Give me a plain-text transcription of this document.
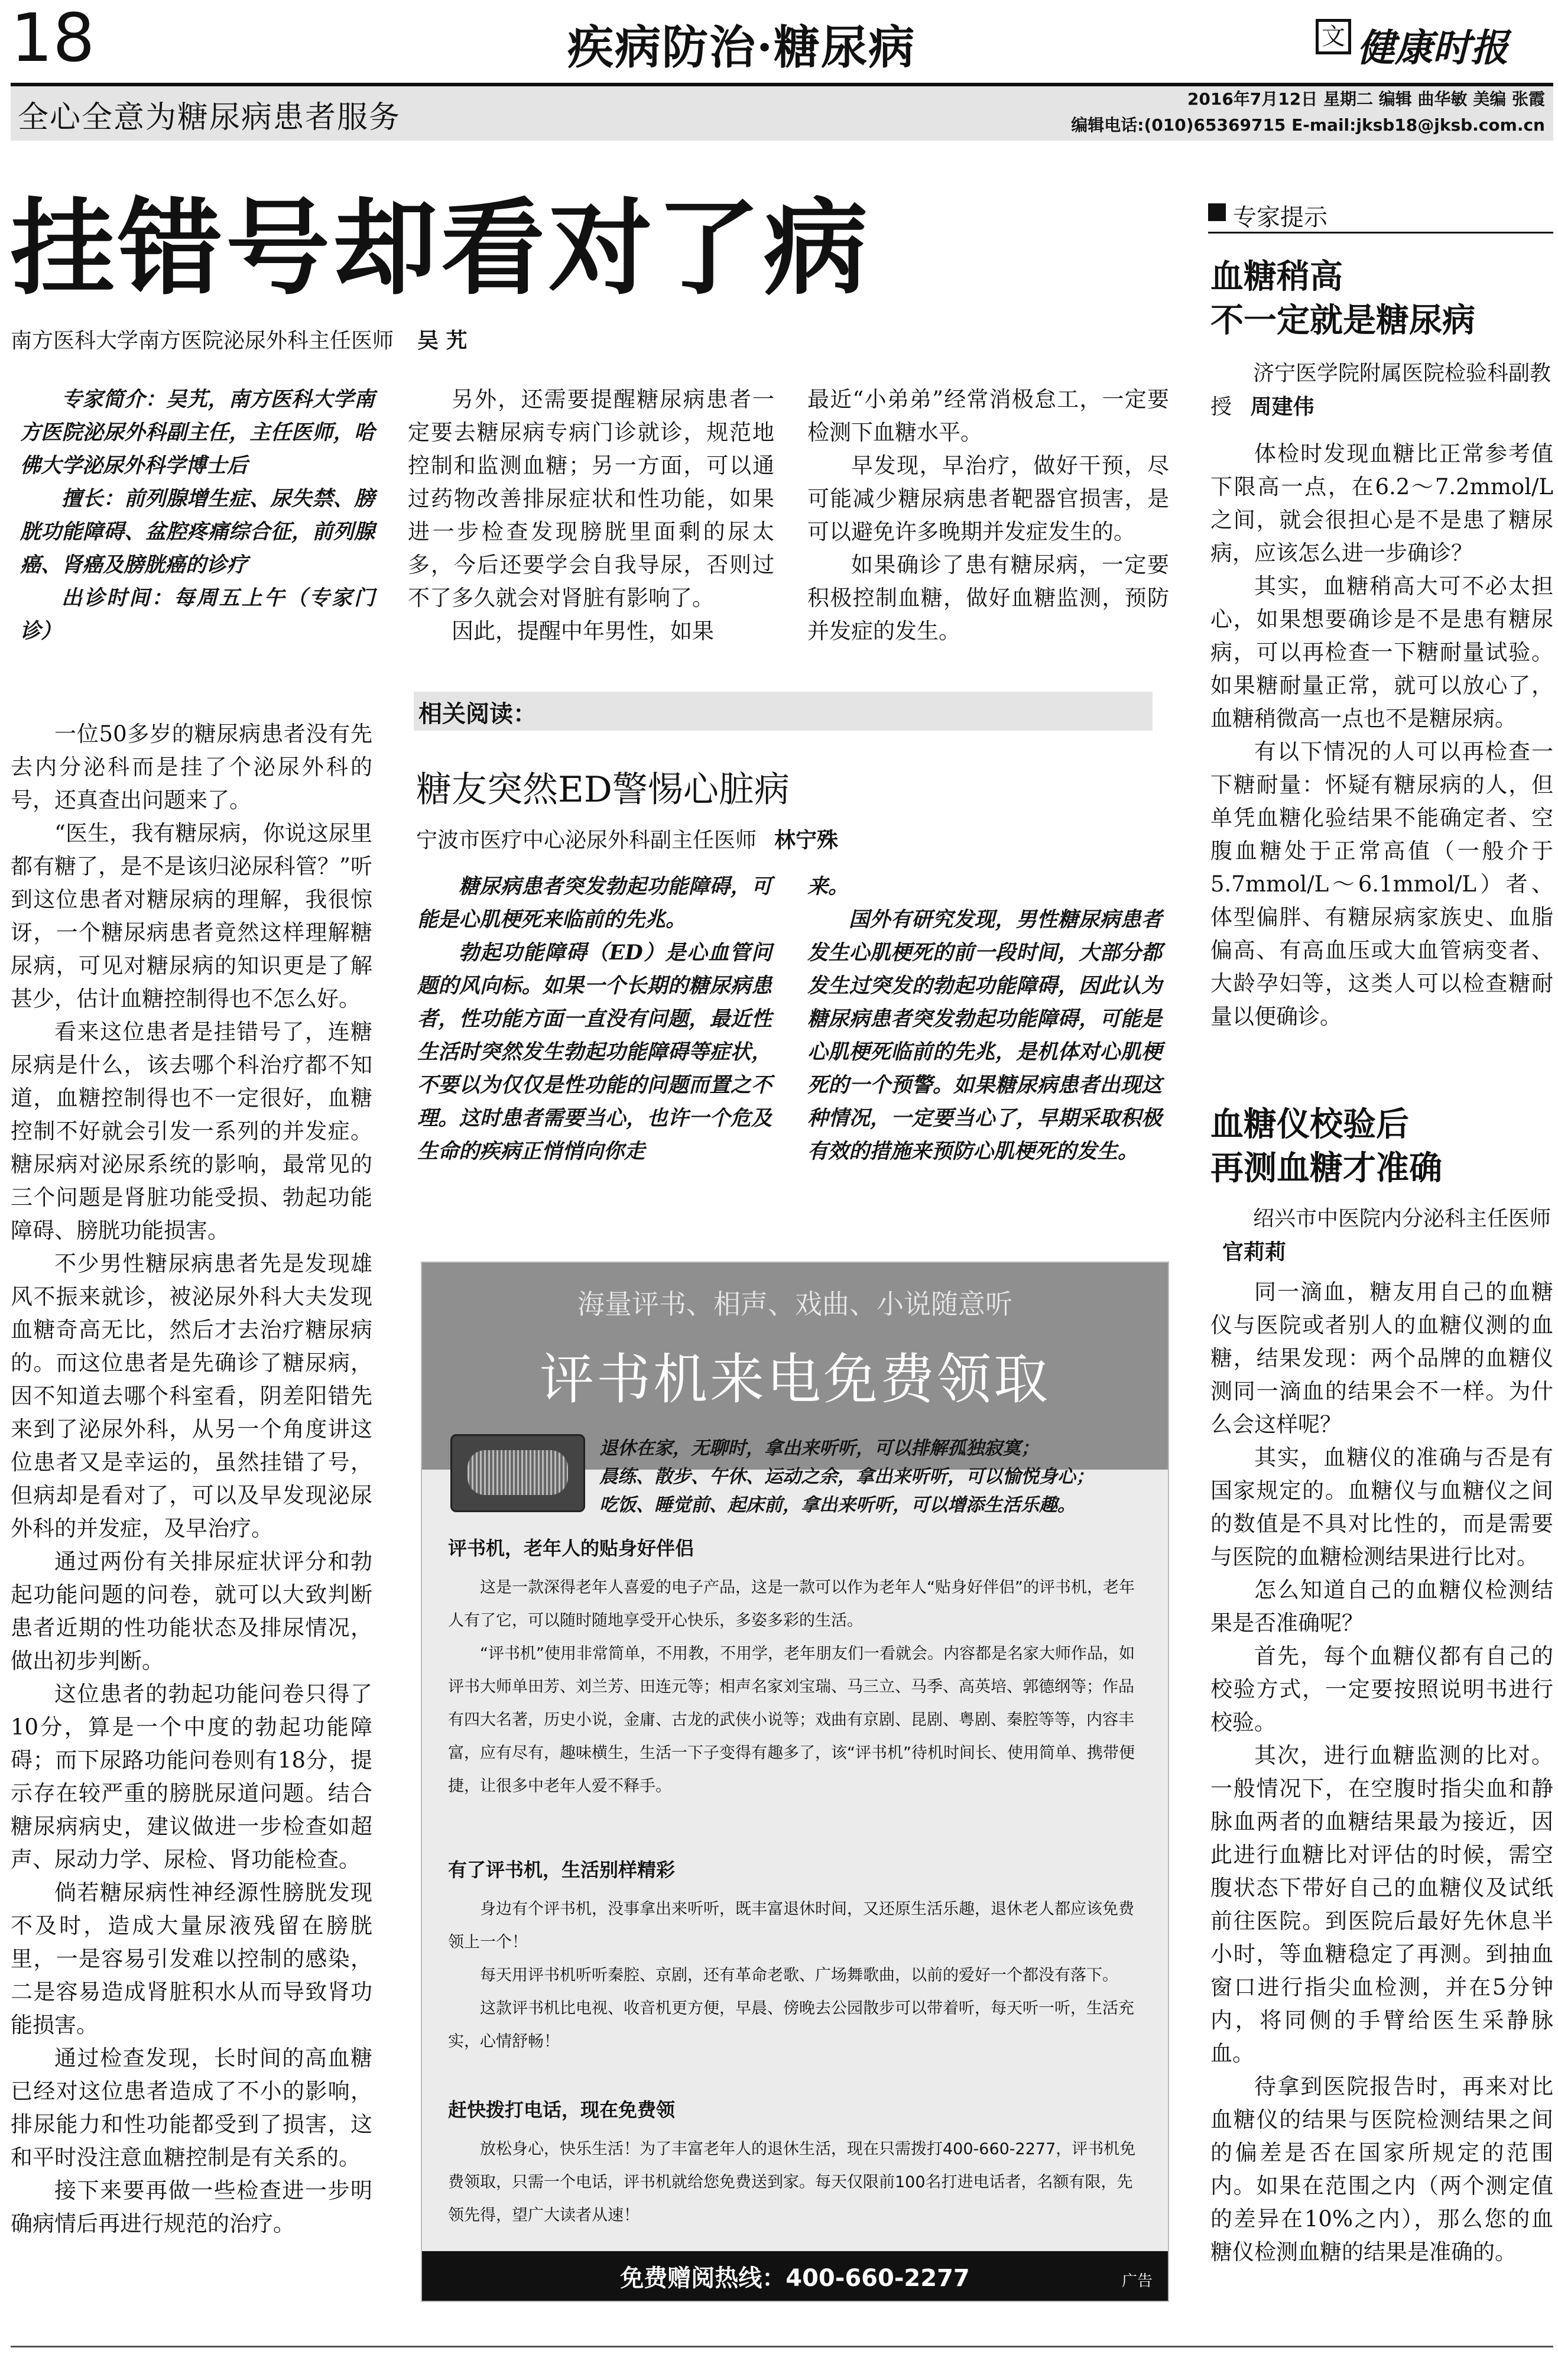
18	疾病防治·糖尿病	文 健康时报
全心全意为糖尿病患者服务
2016年7月12日 星期二 编辑 曲华敏 美编 张霞
编辑电话:(010)65369715 E-mail:jksb18@jksb.com.cn
挂错号却看对了病
南方医科大学南方医院泌尿外科主任医师 吴 艽

专家简介：吴艽，南方医科大学南方医院泌尿外科副主任，主任医师，哈佛大学泌尿外科学博士后

擅长：前列腺增生症、尿失禁、膀胱功能障碍、盆腔疼痛综合征，前列腺癌、肾癌及膀胱癌的诊疗

出诊时间：每周五上午（专家门诊）

一位50多岁的糖尿病患者没有先去内分泌科而是挂了个泌尿外科的号，还真查出问题来了。

“医生，我有糖尿病，你说这尿里都有糖了，是不是该归泌尿科管？”听到这位患者对糖尿病的理解，我很惊讶，一个糖尿病患者竟然这样理解糖尿病，可见对糖尿病的知识更是了解甚少，估计血糖控制得也不怎么好。

看来这位患者是挂错号了，连糖尿病是什么，该去哪个科治疗都不知道，血糖控制得也不一定很好，血糖控制不好就会引发一系列的并发症。糖尿病对泌尿系统的影响，最常见的三个问题是肾脏功能受损、勃起功能障碍、膀胱功能损害。

不少男性糖尿病患者先是发现雄风不振来就诊，被泌尿外科大夫发现血糖奇高无比，然后才去治疗糖尿病的。而这位患者是先确诊了糖尿病，因不知道去哪个科室看，阴差阳错先来到了泌尿外科，从另一个角度讲这位患者又是幸运的，虽然挂错了号，但病却是看对了，可以及早发现泌尿外科的并发症，及早治疗。

通过两份有关排尿症状评分和勃起功能问题的问卷，就可以大致判断患者近期的性功能状态及排尿情况，做出初步判断。

这位患者的勃起功能问卷只得了10分，算是一个中度的勃起功能障碍；而下尿路功能问卷则有18分，提示存在较严重的膀胱尿道问题。结合糖尿病病史，建议做进一步检查如超声、尿动力学、尿检、肾功能检查。

倘若糖尿病性神经源性膀胱发现不及时，造成大量尿液残留在膀胱里，一是容易引发难以控制的感染，二是容易造成肾脏积水从而导致肾功能损害。

通过检查发现，长时间的高血糖已经对这位患者造成了不小的影响，排尿能力和性功能都受到了损害，这和平时没注意血糖控制是有关系的。

接下来要再做一些检查进一步明确病情后再进行规范的治疗。

另外，还需要提醒糖尿病患者一定要去糖尿病专病门诊就诊，规范地控制和监测血糖；另一方面，可以通过药物改善排尿症状和性功能，如果进一步检查发现膀胱里面剩的尿太多，今后还要学会自我导尿，否则过不了多久就会对肾脏有影响了。

因此，提醒中年男性，如果

最近“小弟弟”经常消极怠工，一定要检测下血糖水平。

早发现，早治疗，做好干预，尽可能减少糖尿病患者靶器官损害，是可以避免许多晚期并发症发生的。

如果确诊了患有糖尿病，一定要积极控制血糖，做好血糖监测，预防并发症的发生。

相关阅读：
糖友突然ED警惕心脏病
宁波市医疗中心泌尿外科副主任医师 林宁殊

糖尿病患者突发勃起功能障碍，可能是心肌梗死来临前的先兆。

勃起功能障碍（ED）是心血管问题的风向标。如果一个长期的糖尿病患者，性功能方面一直没有问题，最近性生活时突然发生勃起功能障碍等症状，不要以为仅仅是性功能的问题而置之不理。这时患者需要当心，也许一个危及生命的疾病正悄悄向你走

来。

国外有研究发现，男性糖尿病患者发生心肌梗死的前一段时间，大部分都发生过突发的勃起功能障碍，因此认为糖尿病患者突发勃起功能障碍，可能是心肌梗死临前的先兆，是机体对心肌梗死的一个预警。如果糖尿病患者出现这种情况，一定要当心了，早期采取积极有效的措施来预防心肌梗死的发生。

海量评书、相声、戏曲、小说随意听
评书机来电免费领取
退休在家，无聊时，拿出来听听，可以排解孤独寂寞；
晨练、散步、午休、运动之余，拿出来听听，可以愉悦身心；
吃饭、睡觉前、起床前，拿出来听听，可以增添生活乐趣。
评书机，老年人的贴身好伴侣

这是一款深得老年人喜爱的电子产品，这是一款可以作为老年人“贴身好伴侣”的评书机，老年人有了它，可以随时随地享受开心快乐，多姿多彩的生活。

“评书机”使用非常简单，不用教，不用学，老年朋友们一看就会。内容都是名家大师作品，如评书大师单田芳、刘兰芳、田连元等；相声名家刘宝瑞、马三立、马季、高英培、郭德纲等；作品有四大名著，历史小说，金庸、古龙的武侠小说等；戏曲有京剧、昆剧、粤剧、秦腔等等，内容丰富，应有尽有，趣味横生，生活一下子变得有趣多了，该“评书机”待机时间长、使用简单、携带便捷，让很多中老年人爱不释手。

有了评书机，生活别样精彩

身边有个评书机，没事拿出来听听，既丰富退休时间，又还原生活乐趣，退休老人都应该免费领上一个！

每天用评书机听听秦腔、京剧，还有革命老歌、广场舞歌曲，以前的爱好一个都没有落下。

这款评书机比电视、收音机更方便，早晨、傍晚去公园散步可以带着听，每天听一听，生活充实，心情舒畅！

赶快拨打电话，现在免费领

放松身心，快乐生活！为了丰富老年人的退休生活，现在只需拨打400-660-2277，评书机免费领取，只需一个电话，评书机就给您免费送到家。每天仅限前100名打进电话者，名额有限，先领先得，望广大读者从速！

免费赠阅热线：400-660-2277	广告
专家提示
血糖稍高
不一定就是糖尿病
济宁医学院附属医院检验科副教授 周建伟

体检时发现血糖比正常参考值下限高一点，在6.2～7.2mmol/L之间，就会很担心是不是患了糖尿病，应该怎么进一步确诊？

其实，血糖稍高大可不必太担心，如果想要确诊是不是患有糖尿病，可以再检查一下糖耐量试验。如果糖耐量正常，就可以放心了，血糖稍微高一点也不是糖尿病。

有以下情况的人可以再检查一下糖耐量：怀疑有糖尿病的人，但单凭血糖化验结果不能确定者、空腹血糖处于正常高值（一般介于5.7mmol/L～6.1mmol/L）者、体型偏胖、有糖尿病家族史、血脂偏高、有高血压或大血管病变者、大龄孕妇等，这类人可以检查糖耐量以便确诊。

血糖仪校验后
再测血糖才准确
绍兴市中医院内分泌科主任医师 官莉莉

同一滴血，糖友用自己的血糖仪与医院或者别人的血糖仪测的血糖，结果发现：两个品牌的血糖仪测同一滴血的结果会不一样。为什么会这样呢？

其实，血糖仪的准确与否是有国家规定的。血糖仪与血糖仪之间的数值是不具对比性的，而是需要与医院的血糖检测结果进行比对。

怎么知道自己的血糖仪检测结果是否准确呢？

首先，每个血糖仪都有自己的校验方式，一定要按照说明书进行校验。

其次，进行血糖监测的比对。一般情况下，在空腹时指尖血和静脉血两者的血糖结果最为接近，因此进行血糖比对评估的时候，需空腹状态下带好自己的血糖仪及试纸前往医院。到医院后最好先休息半小时，等血糖稳定了再测。到抽血窗口进行指尖血检测，并在5分钟内，将同侧的手臂给医生采静脉血。

待拿到医院报告时，再来对比血糖仪的结果与医院检测结果之间的偏差是否在国家所规定的范围内。如果在范围之内（两个测定值的差异在10%之内），那么您的血糖仪检测血糖的结果是准确的。
